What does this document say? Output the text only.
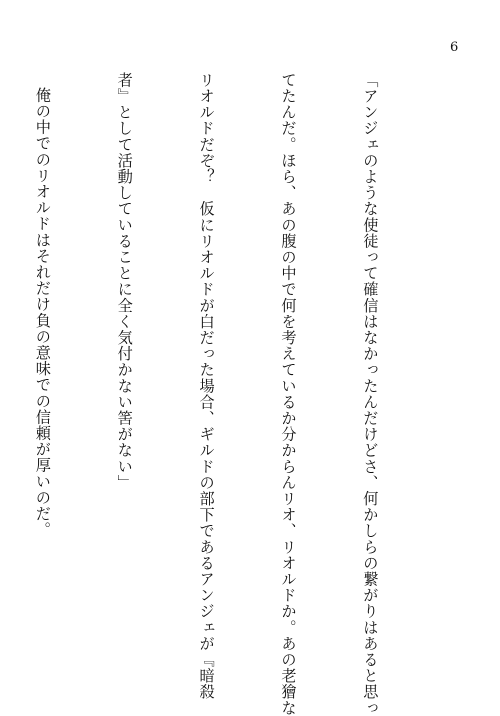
6

「アンジェのような使徒って確信はなかったんだけどさ、何かしらの繋がりはあると思っ

てたんだ。ほら、あの腹の中で何を考えているか分からんリオ、リオルドか。あの老獪な

リオルドだぞ？　仮にリオルドが白だった場合、ギルドの部下であるアンジェが『暗殺

者』として活動していることに全く気付かない筈がない」

俺の中でのリオルドはそれだけ負の意味での信頼が厚いのだ。
